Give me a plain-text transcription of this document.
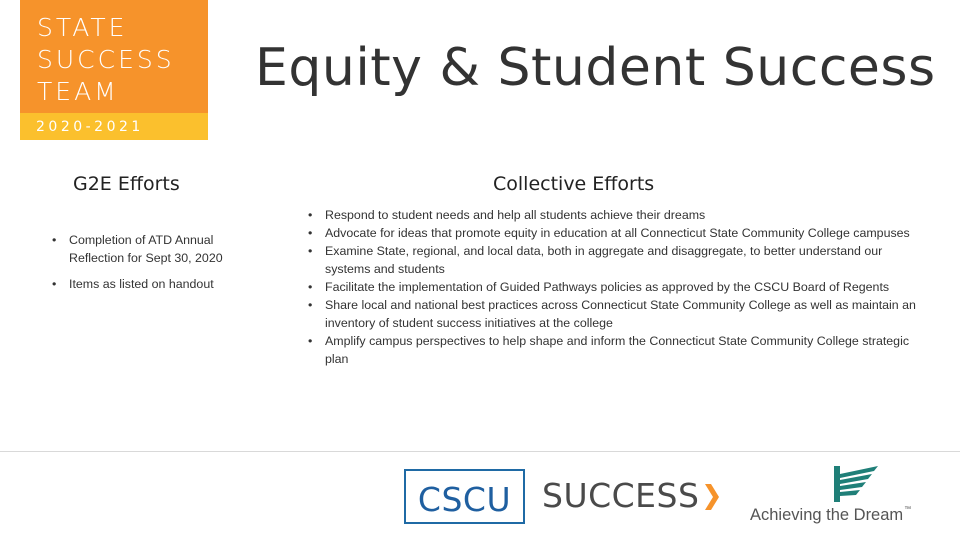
STATE
SUCCESS
TEAM
2020-2021
Equity & Student Success
G2E Efforts
• Completion of ATD Annual Reflection for Sept 30, 2020
• Items as listed on handout
Collective Efforts
• Respond to student needs and help all students achieve their dreams
• Advocate for ideas that promote equity in education at all Connecticut State Community College campuses
• Examine State, regional, and local data, both in aggregate and disaggregate, to better understand our systems and students
• Facilitate the implementation of Guided Pathways policies as approved by the CSCU Board of Regents
• Share local and national best practices across Connecticut State Community College as well as maintain an inventory of student success initiatives at the college
• Amplify campus perspectives to help shape and inform the Connecticut State Community College strategic plan
CSCU SUCCESS	Achieving the Dream™
